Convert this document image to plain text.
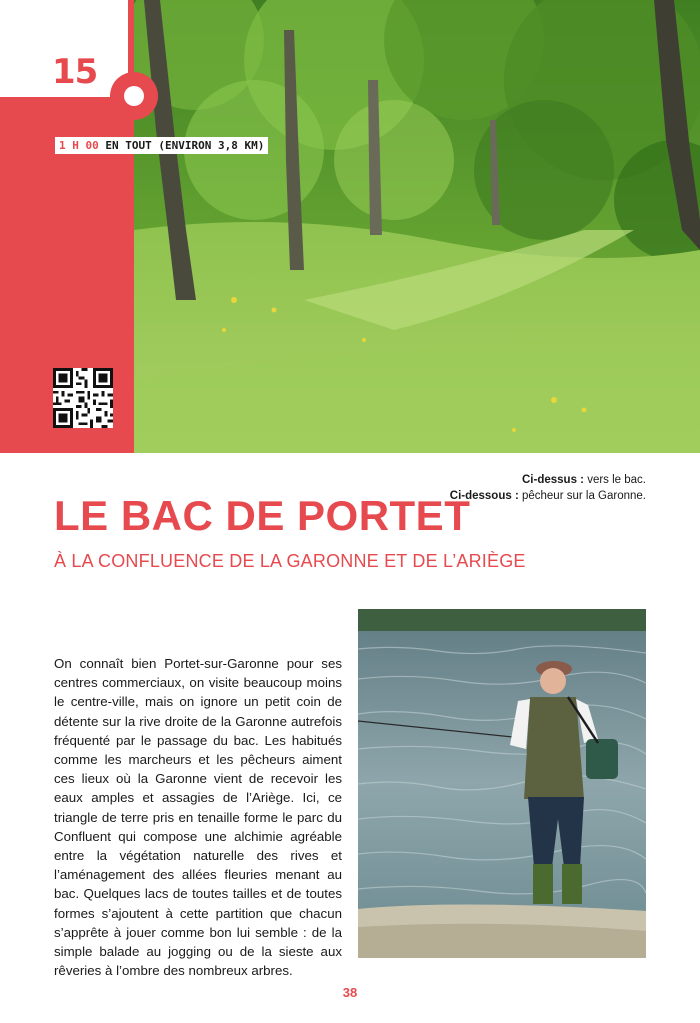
15
1 H 00 EN TOUT (ENVIRON 3,8 KM)
Ci-dessus : vers le bac.
Ci-dessous : pêcheur sur la Garonne.
LE BAC DE PORTET
À LA CONFLUENCE DE LA GARONNE ET DE L’ARIÈGE
On connaît bien Portet-sur-Garonne pour ses centres commerciaux, on visite beaucoup moins le centre-ville, mais on ignore un petit coin de détente sur la rive droite de la Garonne autrefois fréquenté par le passage du bac. Les habitués comme les marcheurs et les pêcheurs aiment ces lieux où la Garonne vient de recevoir les eaux amples et assagies de l’Ariège. Ici, ce triangle de terre pris en tenaille forme le parc du Confluent qui compose une alchimie agréable entre la végétation naturelle des rives et l’aménagement des allées fleuries menant au bac. Quelques lacs de toutes tailles et de toutes formes s’ajoutent à cette partition que chacun s’apprête à jouer comme bon lui semble : de la simple balade au jogging ou de la sieste aux rêveries à l’ombre des nombreux arbres.
38
